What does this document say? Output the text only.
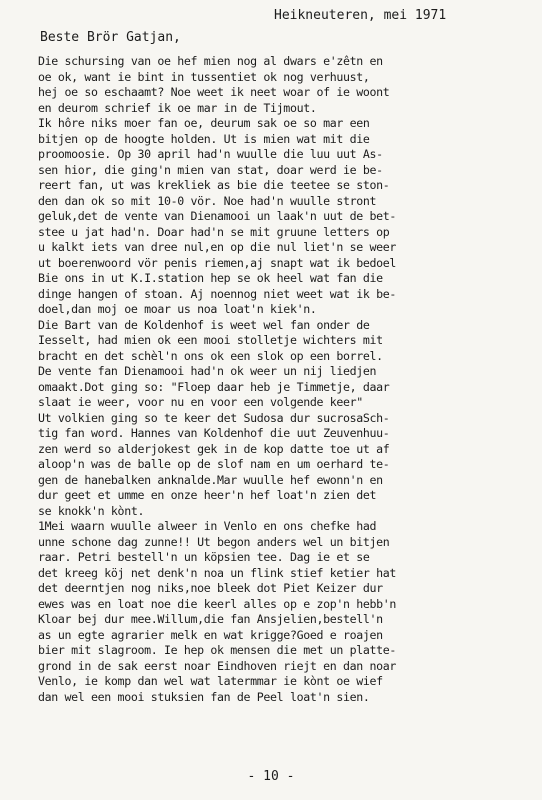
Heikneuteren, mei 1971
Beste Brör Gatjan,
Die schursing van oe hef mien nog al dwars e'zêtn en
oe ok, want ie bint in tussentiet ok nog verhuust,
hej oe so eschaamt? Noe weet ik neet woar of ie woont
en deurom schrief ik oe mar in de Tijmout.
Ik hôre niks moer fan oe, deurum sak oe so mar een
bitjen op de hoogte holden. Ut is mien wat mit die
proomoosie. Op 30 april had'n wuulle die luu uut As-
sen hior, die ging'n mien van stat, doar werd ie be-
reert fan, ut was krekliek as bie die teetee se ston-
den dan ok so mit 10-0 vör. Noe had'n wuulle stront
geluk,det de vente van Dienamooi un laak'n uut de bet-
stee u jat had'n. Doar had'n se mit gruune letters op
u kalkt iets van dree nul,en op die nul liet'n se weer
ut boerenwoord vör penis riemen,aj snapt wat ik bedoel
Bie ons in ut K.I.station hep se ok heel wat fan die
dinge hangen of stoan. Aj noennog niet weet wat ik be-
doel,dan moj oe moar us noa loat'n kiek'n.
Die Bart van de Koldenhof is weet wel fan onder de
Iesselt, had mien ok een mooi stolletje wichters mit
bracht en det schèl'n ons ok een slok op een borrel.
De vente fan Dienamooi had'n ok weer un nij liedjen
omaakt.Dot ging so: "Floep daar heb je Timmetje, daar
slaat ie weer, voor nu en voor een volgende keer"
Ut volkien ging so te keer det Sudosa dur sucrosaSch-
tig fan word. Hannes van Koldenhof die uut Zeuvenhuu-
zen werd so alderjokest gek in de kop datte toe ut af
aloop'n was de balle op de slof nam en um oerhard te-
gen de hanebalken anknalde.Mar wuulle hef ewonn'n en
dur geet et umme en onze heer'n hef loat'n zien det
se knokk'n kònt.
1Mei waarn wuulle alweer in Venlo en ons chefke had
unne schone dag zunne!! Ut begon anders wel un bitjen
raar. Petri bestell'n un köpsien tee. Dag ie et se
det kreeg köj net denk'n noa un flink stief ketier hat
det deerntjen nog niks,noe bleek dot Piet Keizer dur
ewes was en loat noe die keerl alles op e zop'n hebb'n
Kloar bej dur mee.Willum,die fan Ansjelien,bestell'n
as un egte agrarier melk en wat krigge?Goed e roajen
bier mit slagroom. Ie hep ok mensen die met un platte-
grond in de sak eerst noar Eindhoven riejt en dan noar
Venlo, ie komp dan wel wat latermmar ie kònt oe wief
dan wel een mooi stuksien fan de Peel loat'n sien.
- 10 -
